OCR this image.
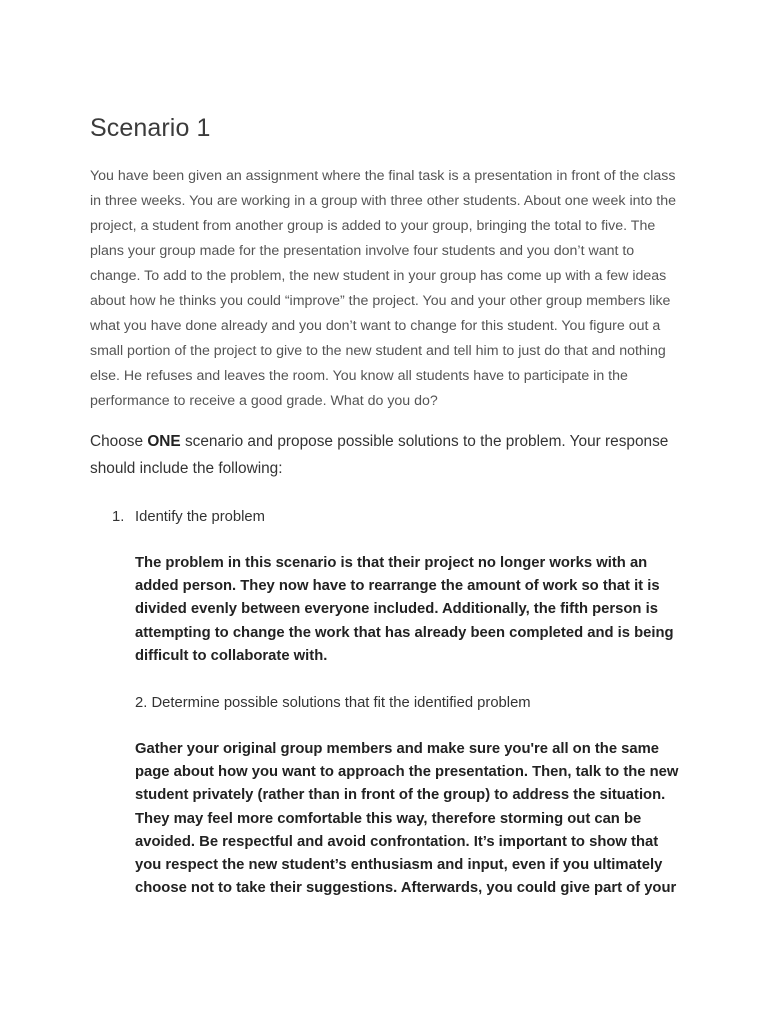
Scenario 1

You have been given an assignment where the final task is a presentation in front of the class in three weeks. You are working in a group with three other students. About one week into the project, a student from another group is added to your group, bringing the total to five. The plans your group made for the presentation involve four students and you don’t want to change. To add to the problem, the new student in your group has come up with a few ideas about how he thinks you could “improve” the project. You and your other group members like what you have done already and you don’t want to change for this student. You figure out a small portion of the project to give to the new student and tell him to just do that and nothing else. He refuses and leaves the room. You know all students have to participate in the performance to receive a good grade. What do you do?

Choose ONE scenario and propose possible solutions to the problem. Your response should include the following:

1. Identify the problem

The problem in this scenario is that their project no longer works with an added person. They now have to rearrange the amount of work so that it is divided evenly between everyone included. Additionally, the fifth person is attempting to change the work that has already been completed and is being difficult to collaborate with.

2. Determine possible solutions that fit the identified problem

Gather your original group members and make sure you're all on the same page about how you want to approach the presentation. Then, talk to the new student privately (rather than in front of the group) to address the situation. They may feel more comfortable this way, therefore storming out can be avoided. Be respectful and avoid confrontation. It’s important to show that you respect the new student’s enthusiasm and input, even if you ultimately choose not to take their suggestions. Afterwards, you could give part of your
